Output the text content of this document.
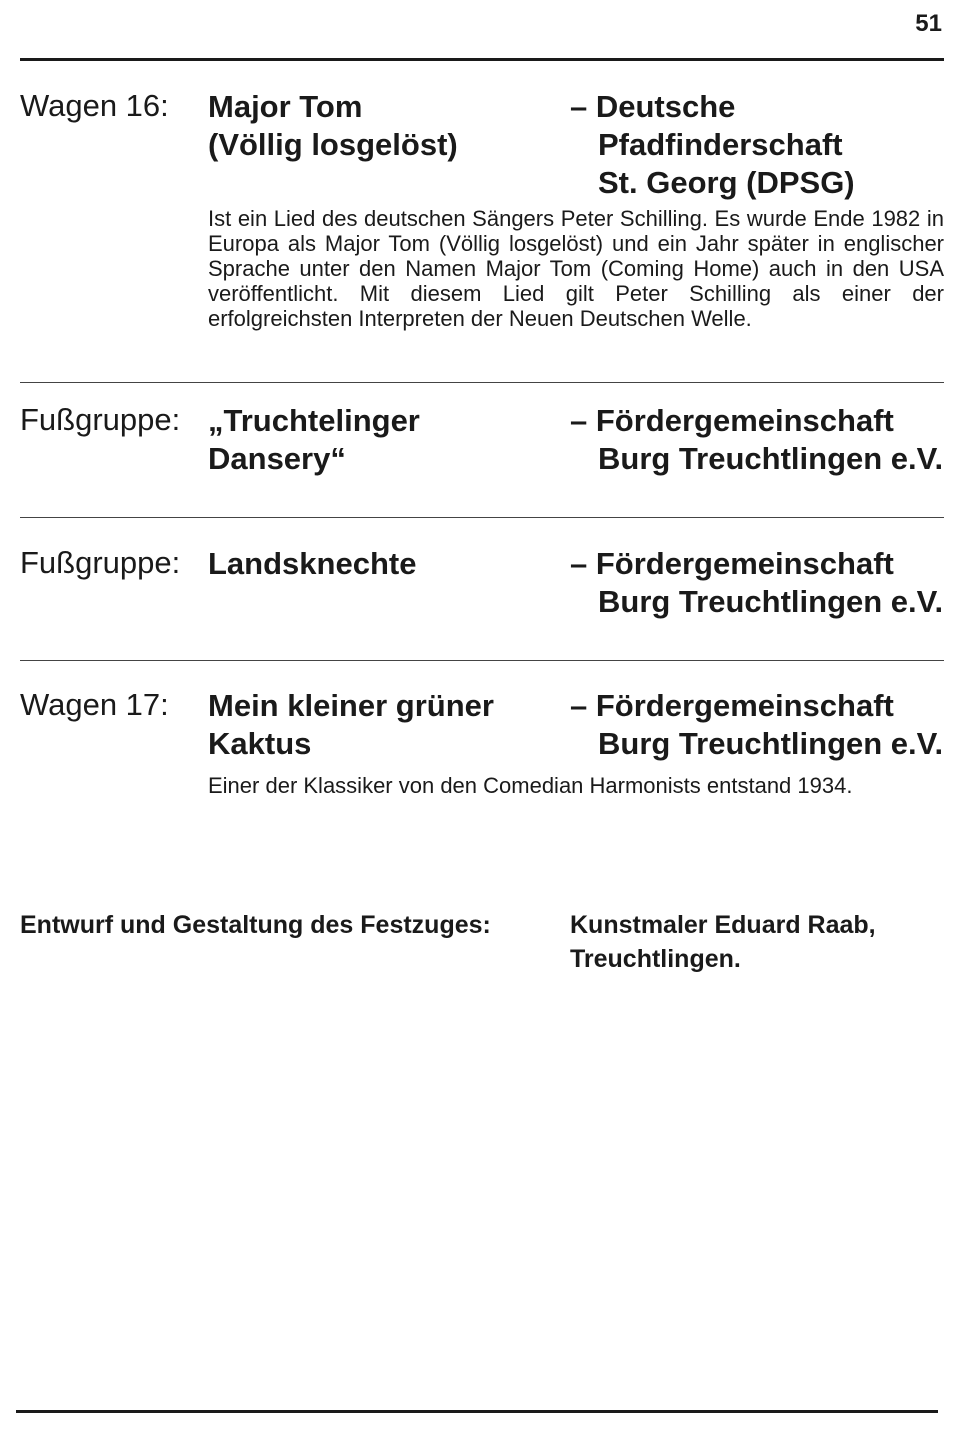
51
Wagen 16: Major Tom
(Völlig losgelöst)
– Deutsche
Pfadfinderschaft
St. Georg (DPSG)
Ist ein Lied des deutschen Sängers Peter Schilling. Es wurde Ende 1982 in Europa als Major Tom (Völlig losgelöst) und ein Jahr später in englischer Sprache unter den Namen Major Tom (Coming Home) auch in den USA veröffentlicht. Mit diesem Lied gilt Peter Schilling als einer der erfolgreichsten Interpreten der Neuen Deutschen Welle.
Fußgruppe: „Truchtelinger
Dansery“
– Fördergemeinschaft
Burg Treuchtlingen e.V.
Fußgruppe: Landsknechte	– Fördergemeinschaft
Burg Treuchtlingen e.V.
Wagen 17: Mein kleiner grüner
Kaktus
– Fördergemeinschaft
Burg Treuchtlingen e.V.
Einer der Klassiker von den Comedian Harmonists entstand 1934.
Entwurf und Gestaltung des Festzuges:	Kunstmaler Eduard Raab,
Treuchtlingen.
